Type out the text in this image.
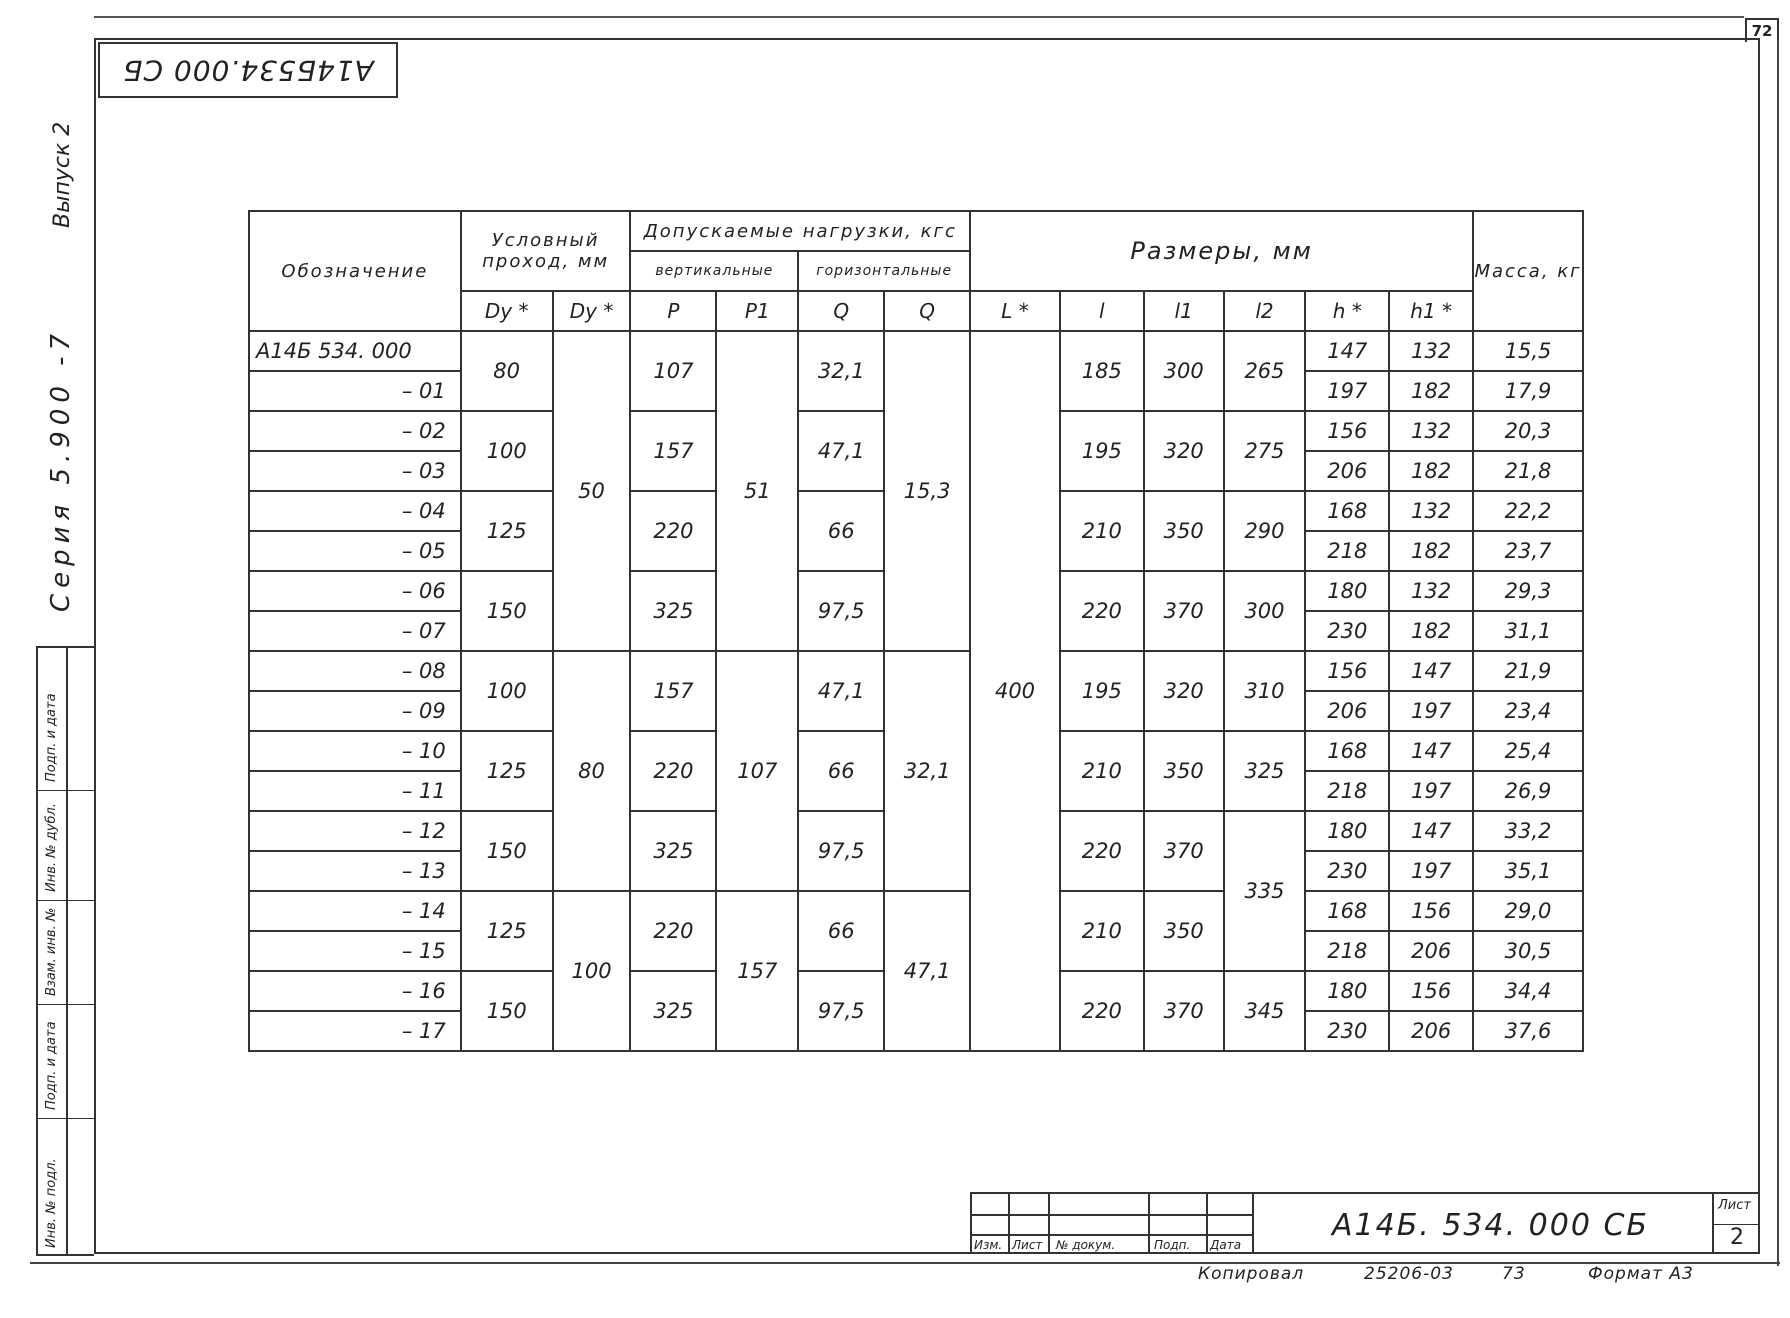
72
А14Б534.000 СБ
Выпуск 2
Серия 5.900 -7
Подп. и дата
Инв. № дубл.
Взам. инв. №
Подп. и дата
Инв. № подл.
Обозначение	Условный проход, мм		Допускаемые нагрузки, кгс				Размеры, мм						Масса, кг
			вертикальные		горизонтальные								
	Dу *	Dу *	P	P1	Q	Q	L *	l	l1	l2	h *	h1 *	
А14Б 534. 000	80	50	107	51	32,1	15,3	400	185	300	265	147	132	15,5
– 01											197	182	17,9
– 02	100		157		47,1			195	320	275	156	132	20,3
– 03											206	182	21,8
– 04	125		220		66			210	350	290	168	132	22,2
– 05											218	182	23,7
– 06	150		325		97,5			220	370	300	180	132	29,3
– 07											230	182	31,1
– 08	100	80	157	107	47,1	32,1		195	320	310	156	147	21,9
– 09											206	197	23,4
– 10	125		220		66			210	350	325	168	147	25,4
– 11											218	197	26,9
– 12	150		325		97,5			220	370	335	180	147	33,2
– 13											230	197	35,1
– 14	125	100	220	157	66	47,1		210	350		168	156	29,0
– 15											218	206	30,5
– 16	150		325		97,5			220	370	345	180	156	34,4
– 17											230	206	37,6
Изм. Лист № докум.	Подп. Дата
А14Б. 534. 000 СБ
Лист
2
Копировал	25206-03	73	Формат А3
